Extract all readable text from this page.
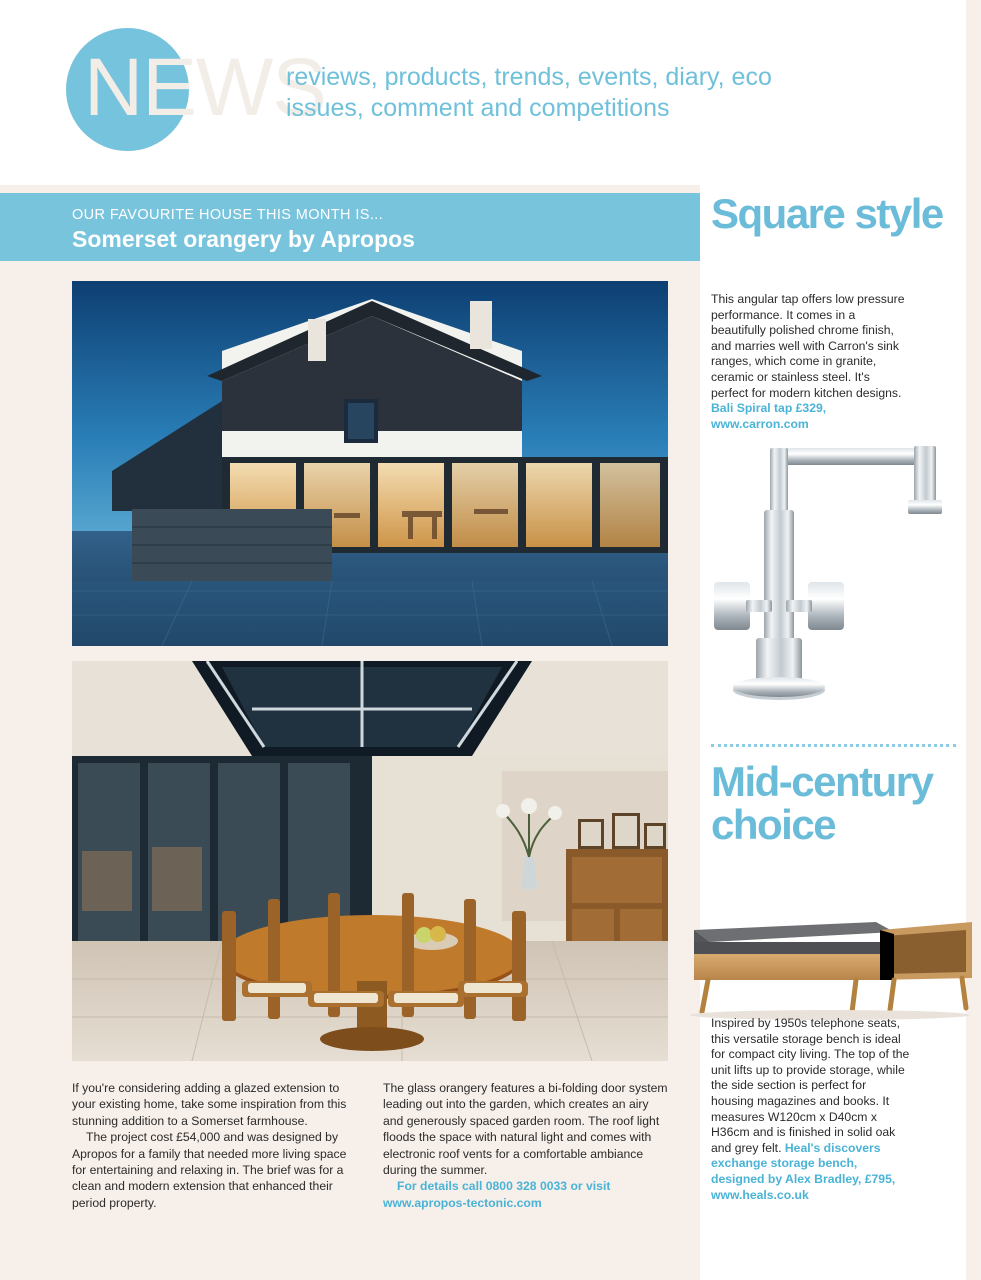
NEWS
reviews, products, trends, events, diary, eco issues, comment and competitions
OUR FAVOURITE HOUSE THIS MONTH IS...
Somerset orangery by Apropos

If you're considering adding a glazed extension to your existing home, take some inspiration from this stunning addition to a Somerset farmhouse.

The project cost £54,000 and was designed by Apropos for a family that needed more living space for entertaining and relaxing in. The brief was for a clean and modern extension that enhanced their period property.

The glass orangery features a bi-folding door system leading out into the garden, which creates an airy and generously spaced garden room. The roof light floods the space with natural light and comes with electronic roof vents for a comfortable ambiance during the summer.

For details call 0800 328 0033 or visit www.apropos-tectonic.com

Square style
This angular tap offers low pressure performance. It comes in a beautifully polished chrome finish, and marries well with Carron's sink ranges, which come in granite, ceramic or stainless steel. It's perfect for modern kitchen designs. Bali Spiral tap £329, www.carron.com
Mid-century choice
Inspired by 1950s telephone seats, this versatile storage bench is ideal for compact city living. The top of the unit lifts up to provide storage, while the side section is perfect for housing magazines and books. It measures W120cm x D40cm x H36cm and is finished in solid oak and grey felt. Heal's discovers exchange storage bench, designed by Alex Bradley, £795, www.heals.co.uk
